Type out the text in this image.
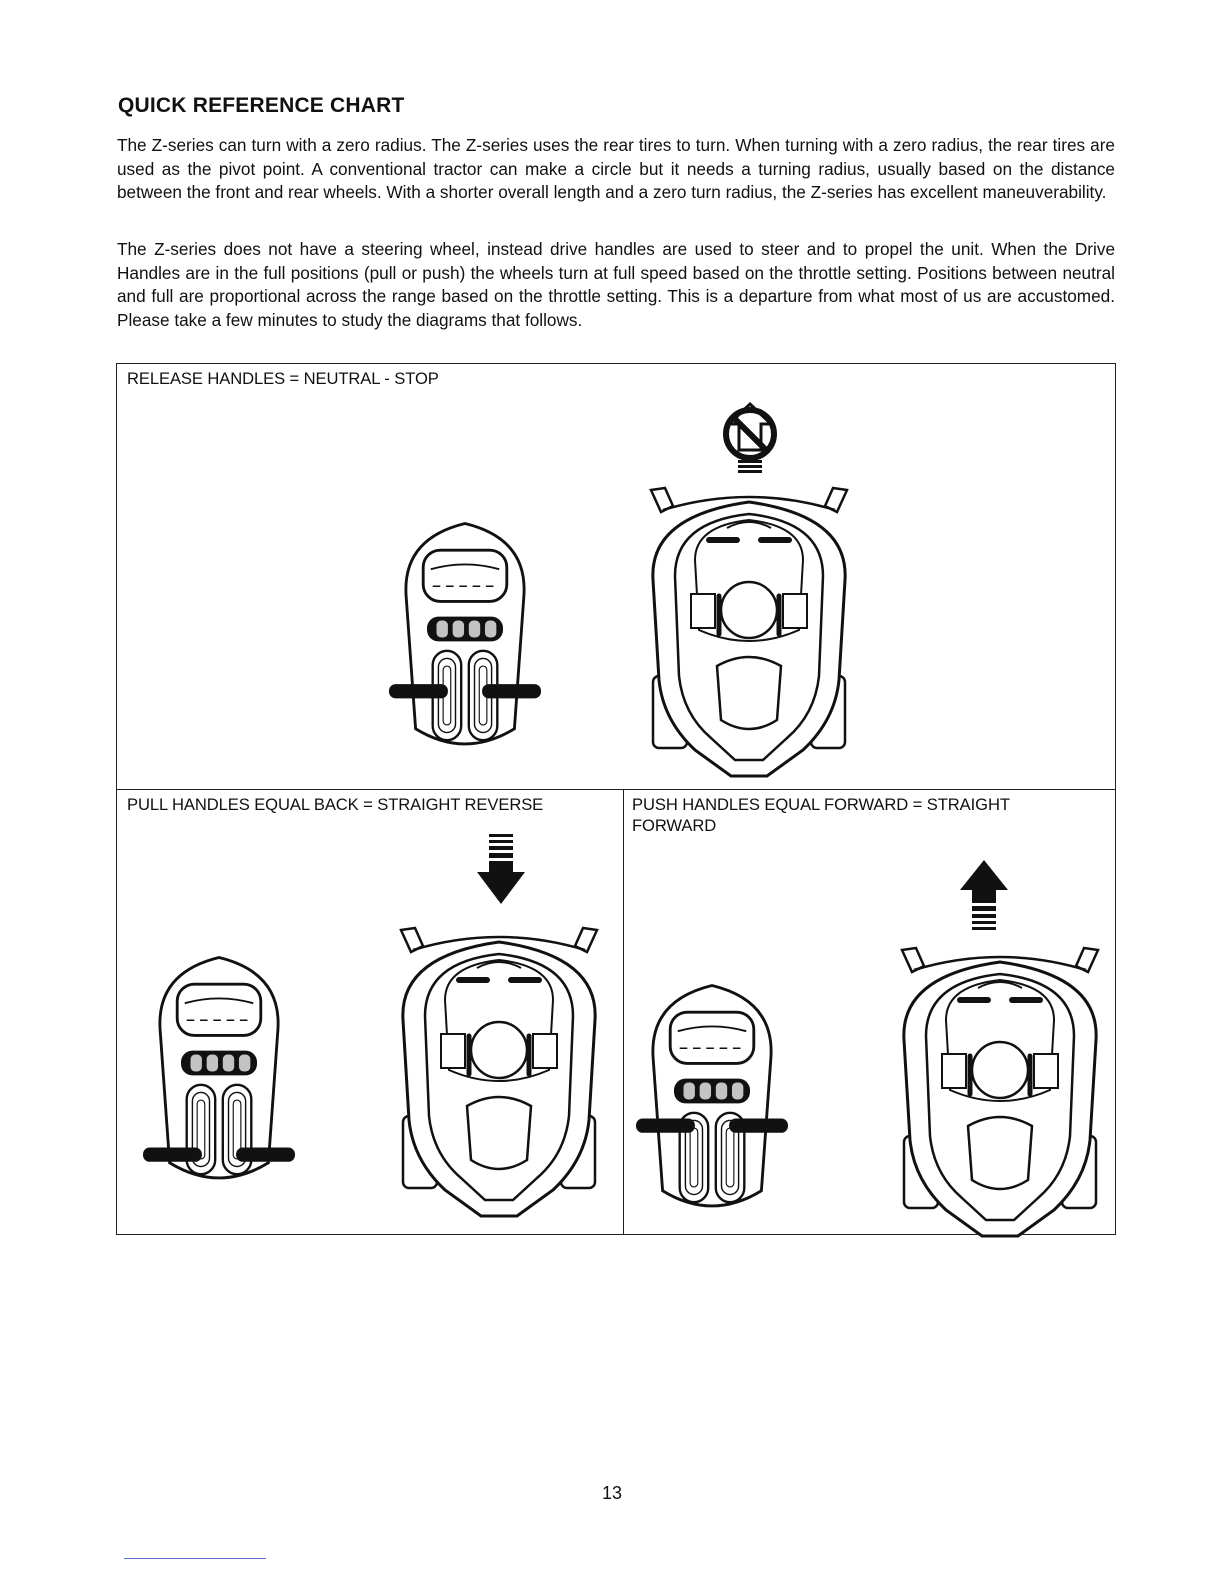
QUICK REFERENCE CHART

The Z-series can turn with a zero radius. The Z-series uses the rear tires to turn. When turning with a zero radius, the rear tires are used as the pivot point. A conventional tractor can make a circle but it needs a turning radius, usually based on the distance between the front and rear wheels. With a shorter overall length and a zero turn radius, the Z-series has excellent maneuverability.

The Z-series does not have a steering wheel, instead drive handles are used to steer and to propel the unit. When the Drive Handles are in the full positions (pull or push) the wheels turn at full speed based on the throttle setting. Positions between neutral and full are proportional across the range based on the throttle setting. This is a departure from what most of us are accustomed. Please take a few minutes to study the diagrams that follows.

RELEASE HANDLES = NEUTRAL - STOP
PULL HANDLES EQUAL BACK = STRAIGHT REVERSE	PUSH HANDLES EQUAL FORWARD = STRAIGHT FORWARD
13
